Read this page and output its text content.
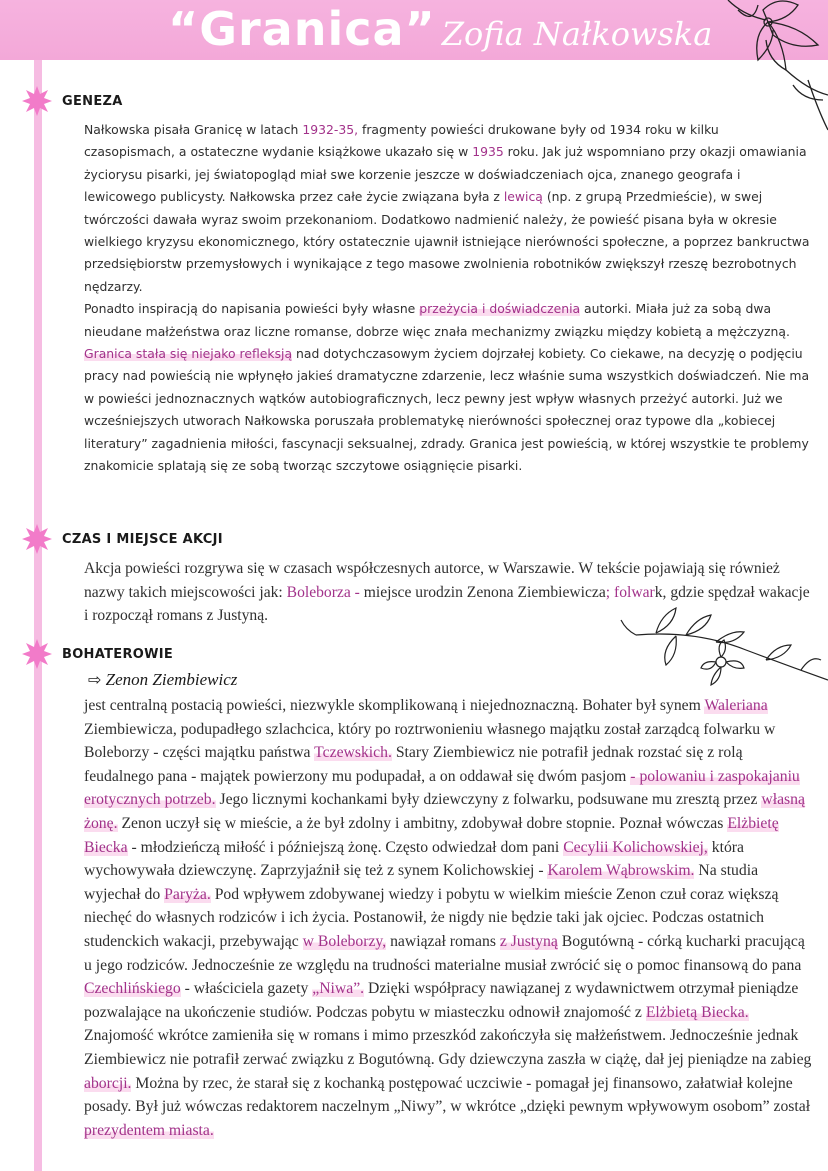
“Granica” Zofia Nałkowska
GENEZA

Nałkowska pisała Granicę w latach 1932-35, fragmenty powieści drukowane były od 1934 roku w kilku czasopismach, a ostateczne wydanie książkowe ukazało się w 1935 roku. Jak już wspomniano przy okazji omawiania życiorysu pisarki, jej światopogląd miał swe korzenie jeszcze w doświadczeniach ojca, znanego geografa i lewicowego publicysty. Nałkowska przez całe życie związana była z lewicą (np. z grupą Przedmieście), w swej twórczości dawała wyraz swoim przekonaniom. Dodatkowo nadmienić należy, że powieść pisana była w okresie wielkiego kryzysu ekonomicznego, który ostatecznie ujawnił istniejące nierówności społeczne, a poprzez bankructwa przedsiębiorstw przemysłowych i wynikające z tego masowe zwolnienia robotników zwiększył rzeszę bezrobotnych nędzarzy.

Ponadto inspiracją do napisania powieści były własne przeżycia i doświadczenia autorki. Miała już za sobą dwa nieudane małżeństwa oraz liczne romanse, dobrze więc znała mechanizmy związku między kobietą a mężczyzną. Granica stała się niejako refleksją nad dotychczasowym życiem dojrzałej kobiety. Co ciekawe, na decyzję o podjęciu pracy nad powieścią nie wpłynęło jakieś dramatyczne zdarzenie, lecz właśnie suma wszystkich doświadczeń. Nie ma w powieści jednoznacznych wątków autobiograficznych, lecz pewny jest wpływ własnych przeżyć autorki. Już we wcześniejszych utworach Nałkowska poruszała problematykę nierówności społecznej oraz typowe dla „kobiecej literatury” zagadnienia miłości, fascynacji seksualnej, zdrady. Granica jest powieścią, w której wszystkie te problemy znakomicie splatają się ze sobą tworząc szczytowe osiągnięcie pisarki.

CZAS I MIEJSCE AKCJI

Akcja powieści rozgrywa się w czasach współczesnych autorce, w Warszawie. W tekście pojawiają się również nazwy takich miejscowości jak: Boleborza - miejsce urodzin Zenona Ziembiewicza; folwark, gdzie spędzał wakacje i rozpoczął romans z Justyną.

BOHATEROWIE
⇨ Zenon Ziembiewicz

jest centralną postacią powieści, niezwykle skomplikowaną i niejednoznaczną. Bohater był synem Waleriana Ziembiewicza, podupadłego szlachcica, który po roztrwonieniu własnego majątku został zarządcą folwarku w Boleborzy - części majątku państwa Tczewskich. Stary Ziembiewicz nie potrafił jednak rozstać się z rolą feudalnego pana - majątek powierzony mu podupadał, a on oddawał się dwóm pasjom - polowaniu i zaspokajaniu erotycznych potrzeb. Jego licznymi kochankami były dziewczyny z folwarku, podsuwane mu zresztą przez własną żonę. Zenon uczył się w mieście, a że był zdolny i ambitny, zdobywał dobre stopnie. Poznał wówczas Elżbietę Biecka - młodzieńczą miłość i późniejszą żonę. Często odwiedzał dom pani Cecylii Kolichowskiej, która wychowywała dziewczynę. Zaprzyjaźnił się też z synem Kolichowskiej - Karolem Wąbrowskim. Na studia wyjechał do Paryża. Pod wpływem zdobywanej wiedzy i pobytu w wielkim mieście Zenon czuł coraz większą niechęć do własnych rodziców i ich życia. Postanowił, że nigdy nie będzie taki jak ojciec. Podczas ostatnich studenckich wakacji, przebywając w Boleborzy, nawiązał romans z Justyną Bogutówną - córką kucharki pracującą u jego rodziców. Jednocześnie ze względu na trudności materialne musiał zwrócić się o pomoc finansową do pana Czechlińskiego - właściciela gazety „Niwa”. Dzięki współpracy nawiązanej z wydawnictwem otrzymał pieniądze pozwalające na ukończenie studiów. Podczas pobytu w miasteczku odnowił znajomość z Elżbietą Biecka. Znajomość wkrótce zamieniła się w romans i mimo przeszkód zakończyła się małżeństwem. Jednocześnie jednak Ziembiewicz nie potrafił zerwać związku z Bogutówną. Gdy dziewczyna zaszła w ciążę, dał jej pieniądze na zabieg aborcji. Można by rzec, że starał się z kochanką postępować uczciwie - pomagał jej finansowo, załatwiał kolejne posady. Był już wówczas redaktorem naczelnym „Niwy”, w wkrótce „dzięki pewnym wpływowym osobom” został prezydentem miasta.
